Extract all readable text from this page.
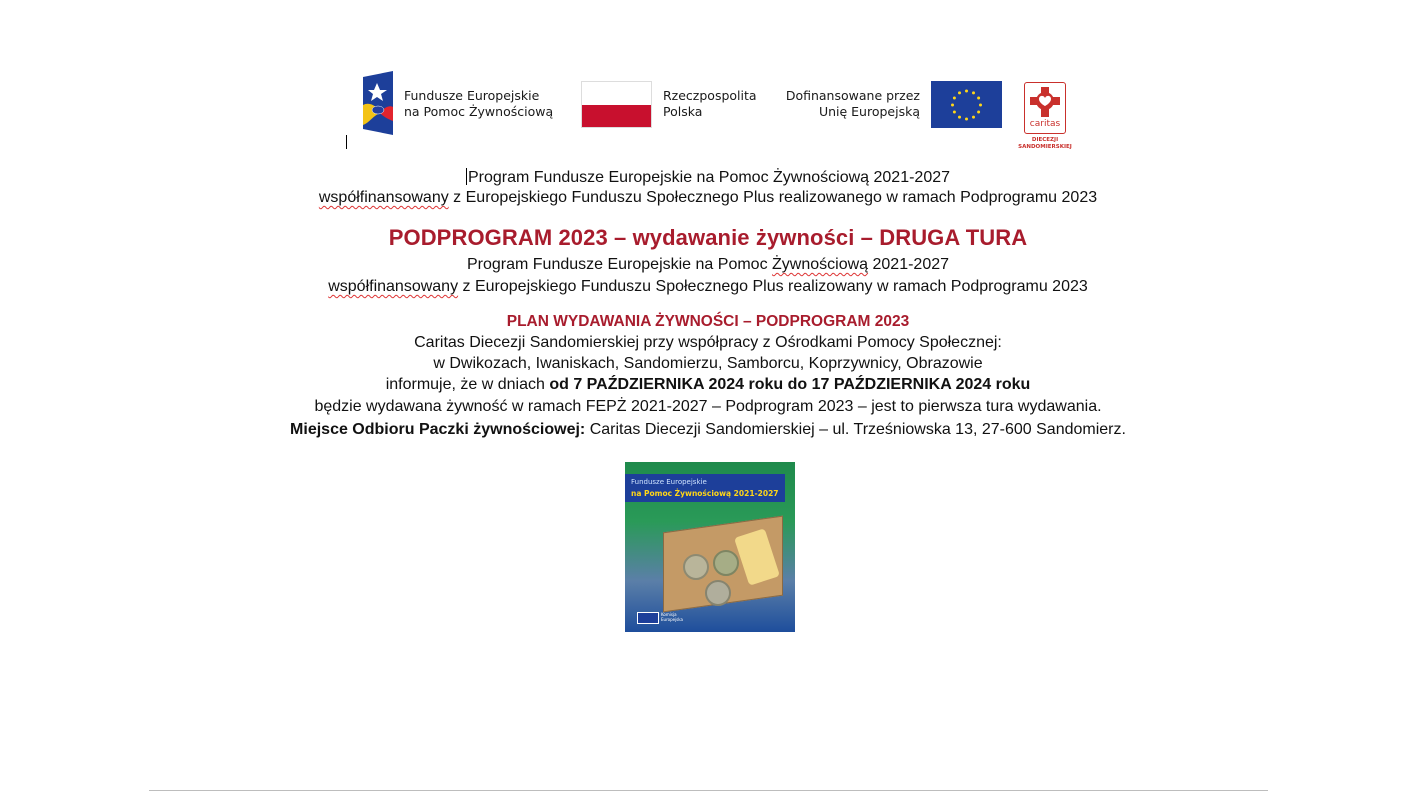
Fundusze Europejskie
na Pomoc Żywnościową
Rzeczpospolita
Polska
Dofinansowane przez
Unię Europejską
caritas
DIECEZJI
SANDOMIERSKIEJ
Program Fundusze Europejskie na Pomoc Żywnościową 2021-2027
współfinansowany z Europejskiego Funduszu Społecznego Plus realizowanego w ramach Podprogramu 2023
PODPROGRAM 2023 – wydawanie żywności – DRUGA TURA
Program Fundusze Europejskie na Pomoc Żywnościową 2021-2027
współfinansowany z Europejskiego Funduszu Społecznego Plus realizowany w ramach Podprogramu 2023
PLAN WYDAWANIA ŻYWNOŚCI – PODPROGRAM 2023
Caritas Diecezji Sandomierskiej przy współpracy z Ośrodkami Pomocy Społecznej:
w Dwikozach, Iwaniskach, Sandomierzu, Samborcu, Koprzywnicy, Obrazowie
informuje, że w dniach od 7 PAŹDZIERNIKA 2024 roku do 17 PAŹDZIERNIKA 2024 roku
będzie wydawana żywność w ramach FEPŻ 2021-2027 – Podprogram 2023 – jest to pierwsza tura wydawania.
Miejsce Odbioru Paczki żywnościowej: Caritas Diecezji Sandomierskiej – ul. Trześniowska 13, 27-600 Sandomierz.
Fundusze Europejskie
na Pomoc Żywnościową 2021-2027
Komisja Europejska
